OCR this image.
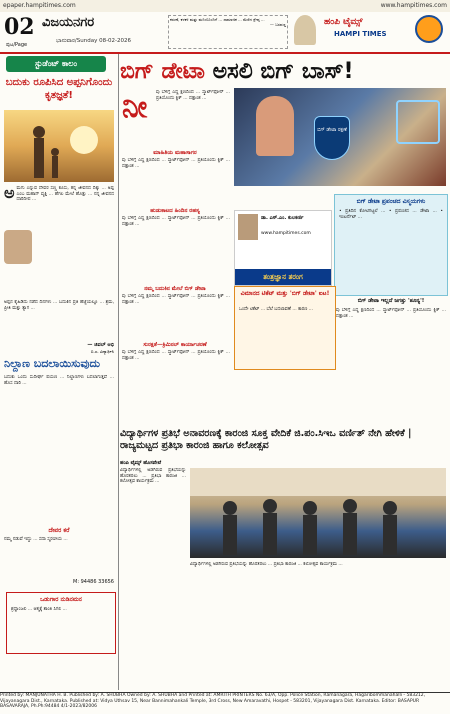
epaper.hampitimes.com	www.hampitimes.com
02
ಪುಟ/Page
ವಿಜಯನಗರ
ಭಾನುವಾರ/Sunday 08-02-2026
ಕರುಣೆ, ಕಳಕಳಿ ಮತ್ತು ಮನಿಯೊಂದಿಗೆ ... ಸಾಮಾಜಿಕ ... ಮೆರೆದ ಶ್ರೇಷ್ಠ ...
— ಬಸವಣ್ಣ	ಹಂಪಿ ಟೈಮ್ಸ್
HAMPI TIMES
ಸ್ಟುಡೆಂಟ್ ಕಾಲಂ
ಬದುಕು ರೂಪಿಸಿದ ಅಪ್ಪನಿಗೊಂದು ಕೃತಜ್ಞತೆ!
ಅ ಮಗು ಎನ್ನುವ ದೇವರ ಸಣ್ಣ ಕೂಸು, ತನ್ನ ಜೀವನದ ದಿಕ್ಕು ... ಅಪ್ಪ ಎಂಬ ಮಹಾನ್ ವ್ಯಕ್ತಿ ... ಹೆಗಲ ಮೇಲೆ ಹೊತ್ತು ... ನನ್ನ ಜೀವನದ ದಾರಿದೀಪ ...
ಅಪ್ಪನ ಕೈಹಿಡಿದು ನಡೆದ ದಿನಗಳು ... ಬದುಕಿನ ಪ್ರತಿ ಹೆಜ್ಜೆಯಲ್ಲೂ ... ಶ್ರಮ, ಪ್ರೀತಿ ಮತ್ತು ತ್ಯಾಗ ...
— ಜಿವಲ್ ಅಭಿ
ಬಿ.ಎ. ವಿದ್ಯಾರ್ಥಿನಿ
ನಿಲ್ದಾಣ ಬದಲಾಯಿಸುವುದು
ಬದುಕು ಒಂದು ಸುದೀರ್ಘ ಪಯಣ ... ನಿಲ್ದಾಣಗಳು ಬದಲಾಗುತ್ತವೆ ... ಹೊಸ ದಾರಿ ...
ದೇವರ ಕರೆ
ನಮ್ಮ ನಡುವೆ ಇದ್ದು ... ಸದಾ ಸ್ಮರಣೀಯ ...
M: 94486 33656
ಒಡುಗಾರ ನುಡಿನಮನ
ಶ್ರದ್ಧಾಂಜಲಿ ... ಆತ್ಮಕ್ಕೆ ಶಾಂತಿ ಸಿಗಲಿ ...
ಬಿಗ್ ಡೇಟಾ ಅಸಲಿ ಬಿಗ್ ಬಾಸ್!
ನೀ ವು ಬೆಳಿಗ್ಗೆ ಎದ್ದ ಕ್ಷಣದಿಂದ ... ಸ್ಮಾರ್ಟ್‌ಫೋನ್ ... ಪ್ರತಿಯೊಂದು ಕ್ಲಿಕ್ ... ದತ್ತಾಂಶ ...
ಬಿಗ್ ಡೇಟಾ ರಕ್ಷಣೆ
ಮಾಹಿತಿಯ ಮಹಾಸಾಗರ
ವು ಬೆಳಿಗ್ಗೆ ಎದ್ದ ಕ್ಷಣದಿಂದ ... ಸ್ಮಾರ್ಟ್‌ಫೋನ್ ... ಪ್ರತಿಯೊಂದು ಕ್ಲಿಕ್ ... ದತ್ತಾಂಶ ...
ಹುಡುಕಾಟದ ಹಿಂದಿನ ರಹಸ್ಯ
ವು ಬೆಳಿಗ್ಗೆ ಎದ್ದ ಕ್ಷಣದಿಂದ ... ಸ್ಮಾರ್ಟ್‌ಫೋನ್ ... ಪ್ರತಿಯೊಂದು ಕ್ಲಿಕ್ ... ದತ್ತಾಂಶ ...
ನಮ್ಮ ಬದುಕಿನ ಮೇಲೆ ಬಿಗ್ ಡೇಟಾ
ವು ಬೆಳಿಗ್ಗೆ ಎದ್ದ ಕ್ಷಣದಿಂದ ... ಸ್ಮಾರ್ಟ್‌ಫೋನ್ ... ಪ್ರತಿಯೊಂದು ಕ್ಲಿಕ್ ... ದತ್ತಾಂಶ ...
ಸುರಕ್ಷತೆ—ಕ್ರಿಮಿನಲ್ ಕಾರ್ಯಾಚರಣೆ
ವು ಬೆಳಿಗ್ಗೆ ಎದ್ದ ಕ್ಷಣದಿಂದ ... ಸ್ಮಾರ್ಟ್‌ಫೋನ್ ... ಪ್ರತಿಯೊಂದು ಕ್ಲಿಕ್ ... ದತ್ತಾಂಶ ...
ಡಾ. ಎಸ್.ಎಂ. ಕುಲಕರ್ಣಿ
www.hampitimes.com
ತಂತ್ರಜ್ಞಾನ ತರಂಗ
ಬಿಗ್ ಡೇಟಾ ಪ್ರಪಂಚದ ವಿಸ್ಮಯಗಳು
• ಪ್ರತಿದಿನ ಕೋಟಿಗಟ್ಟಲೆ ... • ಪ್ರಪಂಚದ ... ಡೇಟಾ ... • ಇಂಟರ್ನೆಟ್ ...
ವಿಮಾನದ ಟಿಕೆಟ್ ಮತ್ತು 'ಬಿಗ್ ಡೇಟಾ' ಐಟ!
ಒಂದೇ ಟಿಕೆಟ್ ... ಬೆಲೆ ಬದಲಾವಣೆ ... ಕಾರಣ ...
ಬಿಗ್ ಡೇಟಾ ಇಲ್ಲದೆ ಜಗತ್ತು 'ಶೂನ್ಯ'!
ವು ಬೆಳಿಗ್ಗೆ ಎದ್ದ ಕ್ಷಣದಿಂದ ... ಸ್ಮಾರ್ಟ್‌ಫೋನ್ ... ಪ್ರತಿಯೊಂದು ಕ್ಲಿಕ್ ... ದತ್ತಾಂಶ ...
ವಿದ್ಯಾರ್ಥಿಗಳ ಪ್ರತಿಭೆ ಅನಾವರಣಕ್ಕೆ ಕಾರಂಜಿ ಸೂಕ್ತ ವೇದಿಕೆ ಜಿ.ಪಂ.ಸಿಇಒ ವರ್ಣಿತ್ ನೇಗಿ ಹೇಳಿಕೆ | ರಾಜ್ಯಮಟ್ಟದ ಪ್ರತಿಭಾ ಕಾರಂಜಿ ಹಾಗೂ ಕಲೋತ್ಸವ
ಹಂಪಿ ಟೈಮ್ಸ್ ಹೊಸಪೇಟೆ
ವಿದ್ಯಾರ್ಥಿಗಳಲ್ಲಿ ಅಡಗಿರುವ ಪ್ರತಿಭೆಯನ್ನು ಹೊರತರಲು ... ಪ್ರತಿಭಾ ಕಾರಂಜಿ ... ಕಲೋತ್ಸವ ಕಾರ್ಯಕ್ರಮ ...
ವಿದ್ಯಾರ್ಥಿಗಳಲ್ಲಿ ಅಡಗಿರುವ ಪ್ರತಿಭೆಯನ್ನು ಹೊರತರಲು ... ಪ್ರತಿಭಾ ಕಾರಂಜಿ ... ಕಲೋತ್ಸವ ಕಾರ್ಯಕ್ರಮ ...
Printed by: MANJUNATHA H. B. Published by: A. SHUBHA Owned by: A. SHUBHA and Printed at: AMRITH PRINTERS No. 63/A, Opp. Police Station, Ramanagara, Hagaribommanahalli - 583212, Vijayanagara Dist., Karnataka. Published at: Vidya Uthsav 15, Near Bannimahankali Temple, 3rd Cross, New Amaravathi, Hospet - 583201, Vijayanagara Dist. Karnataka. Editor: BASAPUR BASAVARAJA, Ph.Ph:94484 4/1-2023/82006
